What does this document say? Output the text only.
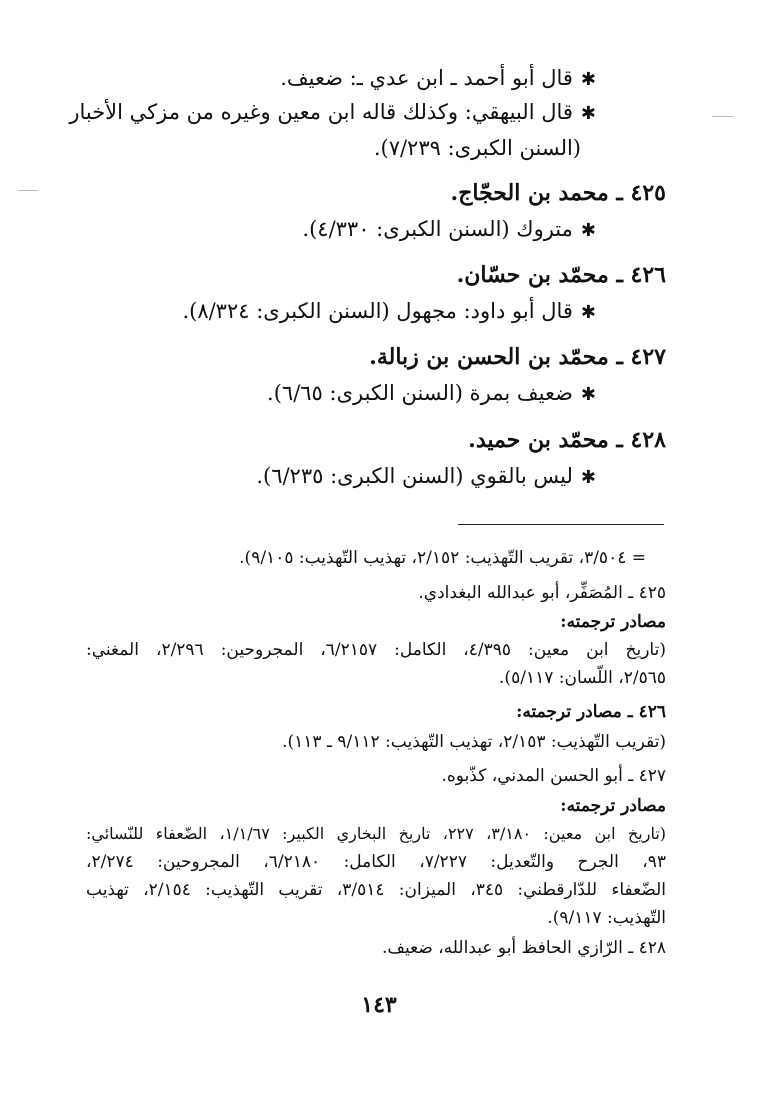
✱قال أبو أحمد ـ ابن عدي ـ: ضعيف.
✱قال البيهقي: وكذلك قاله ابن معين وغيره من مزكي الأخبار
(السنن الكبرى: ٧/٢٣٩).
٤٢٥ ـ محمد بن الحجّاج.
✱متروك (السنن الكبرى: ٤/٣٣٠).
٤٢٦ ـ محمّد بن حسّان.
✱قال أبو داود: مجهول (السنن الكبرى: ٨/٣٢٤).
٤٢٧ ـ محمّد بن الحسن بن زبالة.
✱ضعيف بمرة (السنن الكبرى: ٦/٦٥).
٤٢٨ ـ محمّد بن حميد.
✱ليس بالقوي (السنن الكبرى: ٦/٢٣٥).
= ٣/٥٠٤، تقريب التّهذيب: ٢/١٥٢، تهذيب التّهذيب: ٩/١٠٥).
٤٢٥ ـ المُصَفِّر، أبو عبدالله البغدادي.
مصادر ترجمته:
(تاريخ ابن معين: ٤/٣٩٥، الكامل: ٦/٢١٥٧، المجروحين: ٢/٢٩٦، المغني:
٢/٥٦٥، اللّسان: ٥/١١٧).
٤٢٦ ـ مصادر ترجمته:
(تقريب التّهذيب: ٢/١٥٣، تهذيب التّهذيب: ٩/١١٢ ـ ١١٣).
٤٢٧ ـ أبو الحسن المدني، كذّبوه.
مصادر ترجمته:
(تاريخ ابن معين: ٣/١٨٠، ٢٢٧، تاريخ البخاري الكبير: ١/١/٦٧، الضّعفاء للنّسائي:
٩٣، الجرح والتّعديل: ٧/٢٢٧، الكامل: ٦/٢١٨٠، المجروحين: ٢/٢٧٤،
الضّعفاء للدّارقطني: ٣٤٥، الميزان: ٣/٥١٤، تقريب التّهذيب: ٢/١٥٤، تهذيب
التّهذيب: ٩/١١٧).
٤٢٨ ـ الرّازي الحافظ أبو عبدالله، ضعيف.
١٤٣
